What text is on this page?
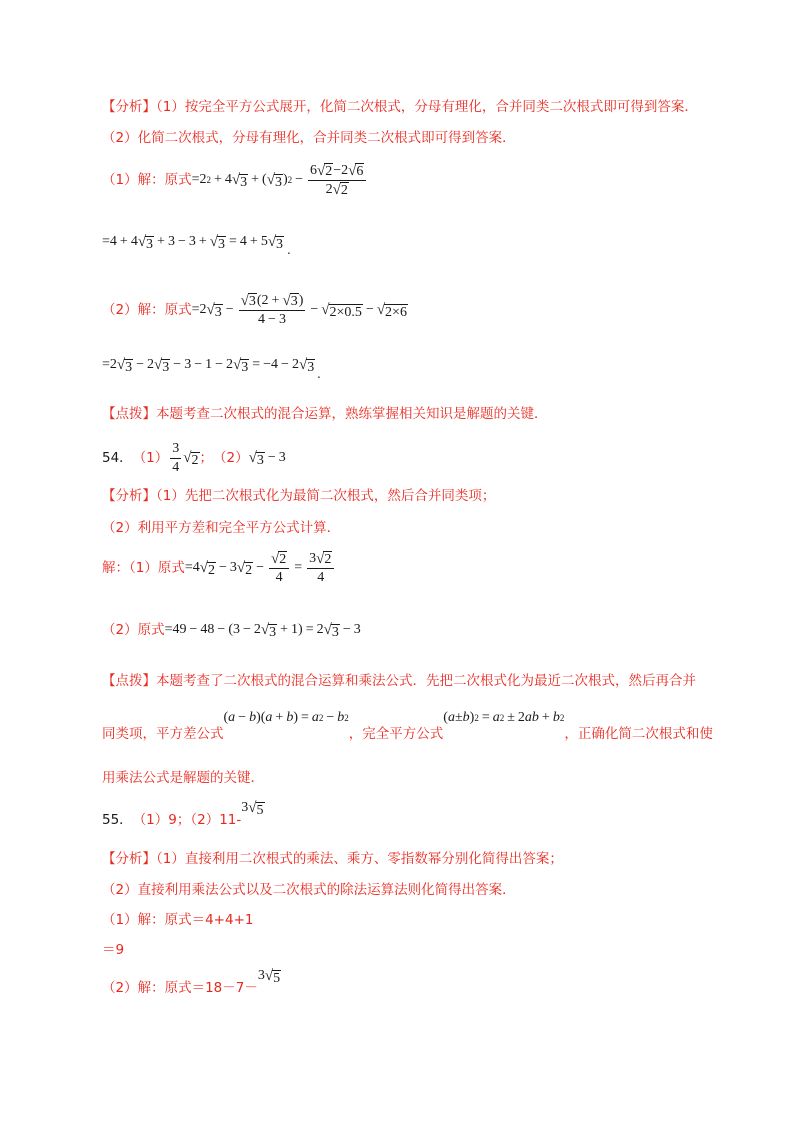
【分析】（1）按完全平方公式展开，化简二次根式，分母有理化，合并同类二次根式即可得到答案．
（2）化简二次根式，分母有理化，合并同类二次根式即可得到答案．
（1）解：原式 =2 2 + 4 √ 3 + ( √ 3 ) $2 - \frac{6 √ 2 -2 √ 6}{2 √ 2}$
=4 + 4 √ 3 + 3 − 3 + √ 3 = 4 + 5 √ 3 .
（2）解：原式 =2 √ $3 - \frac{√ 3 (2 + √ 3 )}{4 - 3}$ − √ 2×0.5 − √ 2×6
=2 √ 3 − 2 √ 3 − 3 − 1 − 2 √ 3 = −4 − 2 √ 3 .
【点拨】本题考查二次根式的混合运算，熟练掌握相关知识是解题的关键．
54． $(1) \frac{3}{4}$ √ 2 ； （2） √ 3 − 3
【分析】（1）先把二次根式化为最简二次根式，然后合并同类项；
（2）利用平方差和完全平方公式计算．
解：（1）原式 =4 √ 2 − 3 √ $2 - \frac{√ 2}{4} = \frac{3 √ 2}{4}$
（2）原式 =49 − 48 − (3 − 2 √ 3 + 1) = 2 √ 3 − 3
【点拨】本题考查了二次根式的混合运算和乘法公式．先把二次根式化为最近二次根式，然后再合并
同类项，平方差公式
( a − b )( a + b ) = a 2 − b 2
，完全平方公式
( a ± b ) 2 = a 2 ± 2 ab + b 2
，正确化简二次根式和使
用乘法公式是解题的关键．
55． （1）9；（2）11-
3 √ 5
【分析】（1）直接利用二次根式的乘法、乘方、零指数幂分别化简得出答案；
（2）直接利用乘法公式以及二次根式的除法运算法则化简得出答案．
（1）解：原式＝4+4+1
＝9
（2）解：原式＝18－7－
3 √ 5
